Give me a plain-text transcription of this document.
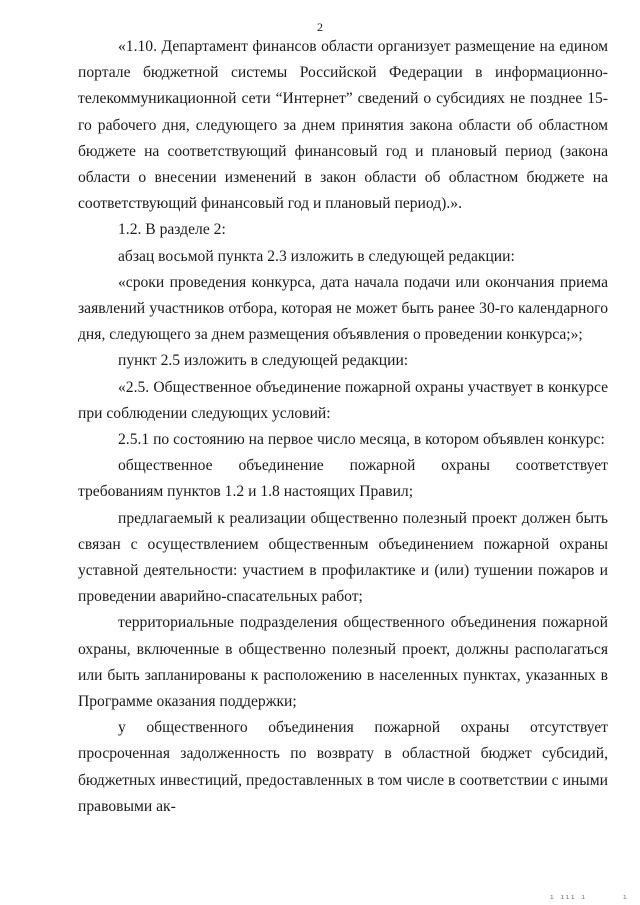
2

«1.10. Департамент финансов области организует размещение на едином портале бюджетной системы Российской Федерации в информационно-телекоммуникационной сети “Интернет” сведений о субсидиях не позднее 15-го рабочего дня, следующего за днем принятия закона области об областном бюджете на соответствующий финансовый год и плановый период (закона области о внесении изменений в закон области об областном бюджете на соответствующий финансовый год и плановый период).».

1.2. В разделе 2:

абзац восьмой пункта 2.3 изложить в следующей редакции:

«сроки проведения конкурса, дата начала подачи или окончания приема заявлений участников отбора, которая не может быть ранее 30-го календарного дня, следующего за днем размещения объявления о проведении конкурса;»;

пункт 2.5 изложить в следующей редакции:

«2.5. Общественное объединение пожарной охраны участвует в конкурсе при соблюдении следующих условий:

2.5.1 по состоянию на первое число месяца, в котором объявлен конкурс:

общественное объединение пожарной охраны соответствует требованиям пунктов 1.2 и 1.8 настоящих Правил;

предлагаемый к реализации общественно полезный проект должен быть связан с осуществлением общественным объединением пожарной охраны уставной деятельности: участием в профилактике и (или) тушении пожаров и проведении аварийно-спасательных работ;

территориальные подразделения общественного объединения пожарной охраны, включенные в общественно полезный проект, должны располагаться или быть запланированы к расположению в населенных пунктах, указанных в Программе оказания поддержки;

у общественного объединения пожарной охраны отсутствует просроченная задолженность по возврату в областной бюджет субсидий, бюджетных инвестиций, предоставленных в том числе в соответствии с иными правовыми ак-

ı ııı ı       ı
